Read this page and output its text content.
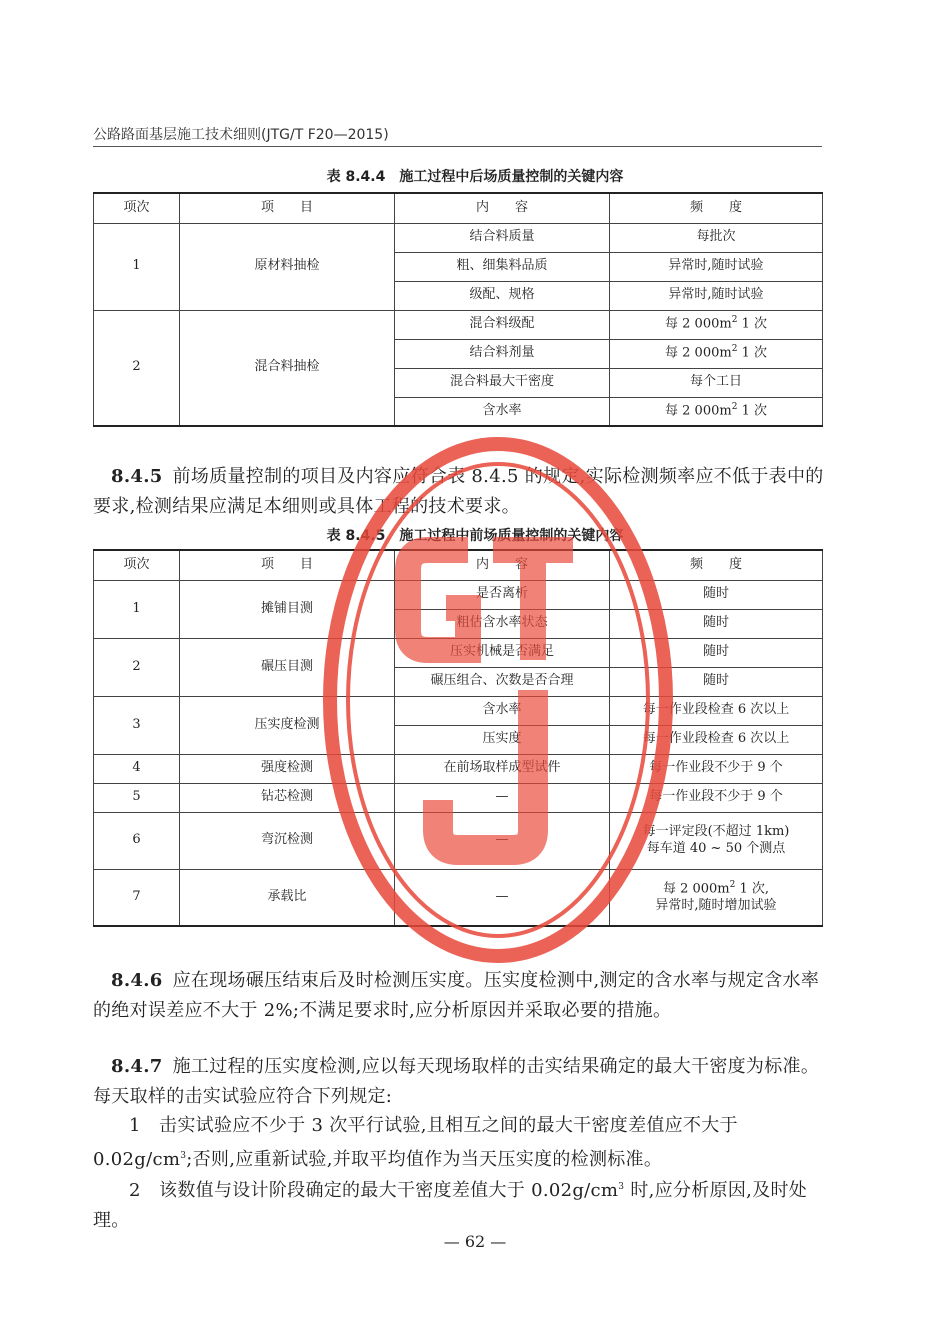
公路路面基层施工技术细则(JTG/T F20—2015)
表 8.4.4　施工过程中后场质量控制的关键内容
项次	项　　目	内　　容	频　　度
1	原材料抽检	结合料质量	每批次
		粗、细集料品质	异常时,随时试验
		级配、规格	异常时,随时试验
2	混合料抽检	混合料级配	每 2 $000m^2$ 1 次
		结合料剂量	每 2 $000m^2$ 1 次
		混合料最大干密度	每个工日
		含水率	每 2 $000m^2$ 1 次
8.4.5 前场质量控制的项目及内容应符合表 8.4.5 的规定,实际检测频率应不低于表中的要求,检测结果应满足本细则或具体工程的技术要求。
表 8.4.5　施工过程中前场质量控制的关键内容
项次	项　　目	内　　容	频　　度
1	摊铺目测	是否离析	随时
		粗估含水率状态	随时
2	碾压目测	压实机械是否满足	随时
		碾压组合、次数是否合理	随时
3	压实度检测	含水率	每一作业段检查 6 次以上
		压实度	每一作业段检查 6 次以上
4	强度检测	在前场取样成型试件	每一作业段不少于 9 个
5	钻芯检测	—	每一作业段不少于 9 个
6	弯沉检测	—	每一评定段(不超过 1km)
每车道 40 ~ 50 个测点

7	承载比	—	每 2 $000m^2$ 1 次,
异常时,随时增加试验
8.4.6 应在现场碾压结束后及时检测压实度。压实度检测中,测定的含水率与规定含水率的绝对误差应不大于 2%;不满足要求时,应分析原因并采取必要的措施。
8.4.7 施工过程的压实度检测,应以每天现场取样的击实结果确定的最大干密度为标准。每天取样的击实试验应符合下列规定:
1　击实试验应不少于 3 次平行试验,且相互之间的最大干密度差值应不大于 $0.02g/cm^3$;否则,应重新试验,并取平均值作为当天压实度的检测标准。
2　该数值与设计阶段确定的最大干密度差值大于 $0.02g/cm^3$ 时,应分析原因,及时处理。
— 62 —
